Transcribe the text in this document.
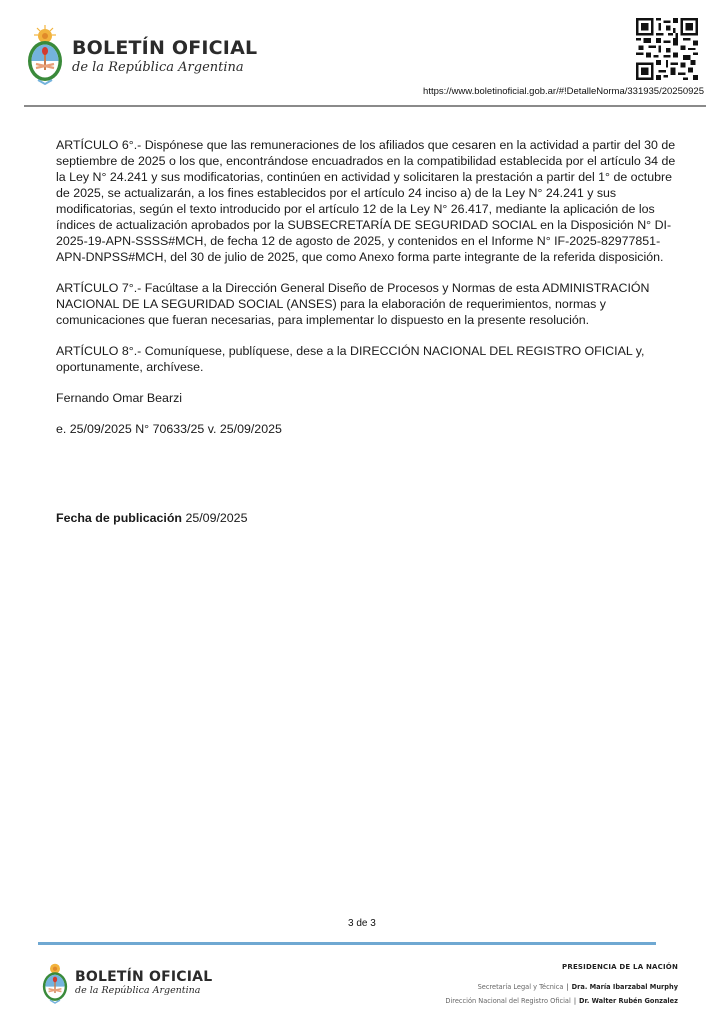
BOLETÍN OFICIAL
de la República Argentina
https://www.boletinoficial.gob.ar/#!DetalleNorma/331935/20250925

ARTÍCULO 6°.- Dispónese que las remuneraciones de los afiliados que cesaren en la actividad a partir del 30 de septiembre de 2025 o los que, encontrándose encuadrados en la compatibilidad establecida por el artículo 34 de la Ley N° 24.241 y sus modificatorias, continúen en actividad y solicitaren la prestación a partir del 1° de octubre de 2025, se actualizarán, a los fines establecidos por el artículo 24 inciso a) de la Ley N° 24.241 y sus modificatorias, según el texto introducido por el artículo 12 de la Ley N° 26.417, mediante la aplicación de los índices de actualización aprobados por la SUBSECRETARÍA DE SEGURIDAD SOCIAL en la Disposición N° DI-2025-19-APN-SSSS#MCH, de fecha 12 de agosto de 2025, y contenidos en el Informe N° IF-2025-82977851-APN-DNPSS#MCH, del 30 de julio de 2025, que como Anexo forma parte integrante de la referida disposición.

ARTÍCULO 7°.- Facúltase a la Dirección General Diseño de Procesos y Normas de esta ADMINISTRACIÓN NACIONAL DE LA SEGURIDAD SOCIAL (ANSES) para la elaboración de requerimientos, normas y comunicaciones que fueran necesarias, para implementar lo dispuesto en la presente resolución.

ARTÍCULO 8°.- Comuníquese, publíquese, dese a la DIRECCIÓN NACIONAL DEL REGISTRO OFICIAL y, oportunamente, archívese.

Fernando Omar Bearzi

e. 25/09/2025 N° 70633/25 v. 25/09/2025

Fecha de publicación 25/09/2025
3 de 3
BOLETÍN OFICIAL
de la República Argentina
PRESIDENCIA DE LA NACIÓN
Secretaría Legal y Técnica | Dra. María Ibarzabal Murphy
Dirección Nacional del Registro Oficial | Dr. Walter Rubén Gonzalez
